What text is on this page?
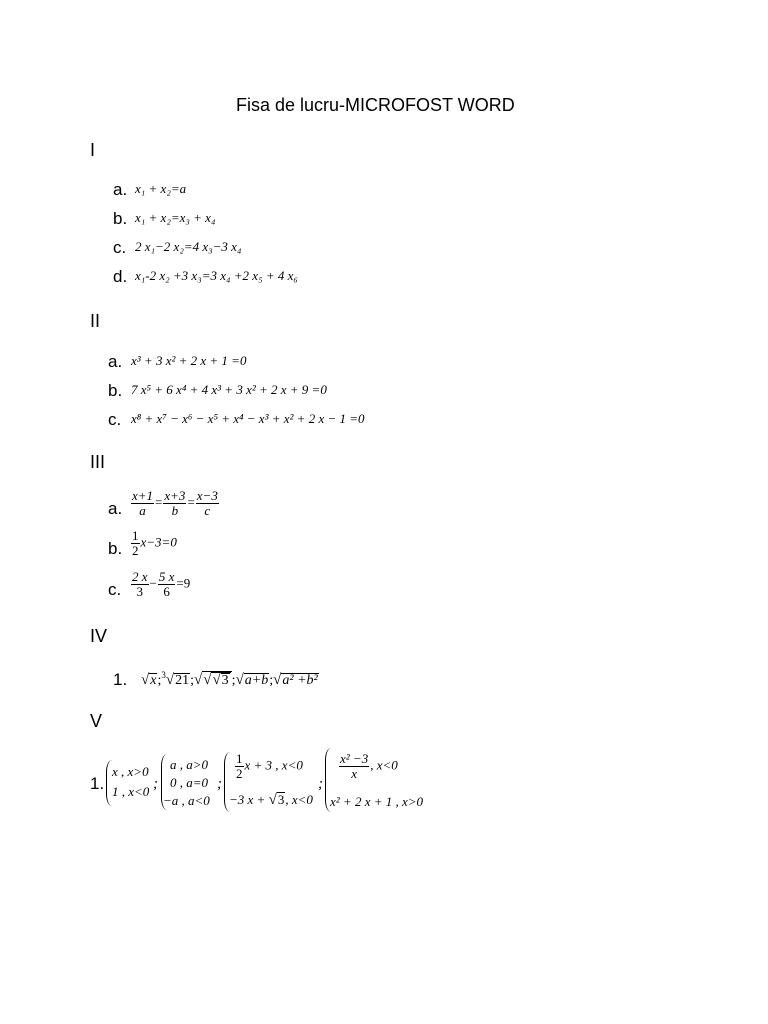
Fisa de lucru-MICROFOST WORD
I
a. x₁ + x₂=a
b. x₁ + x₂=x₃ + x₄
c. 2 x₁−2 x₂=4 x₃−3 x₄
d. x₁-2 x₂ +3 x₃=3 x₄ +2 x₅ + 4 x₆
II
a. x³ + 3 x² + 2 x + 1 =0
b. 7 x⁵ + 6 x⁴ + 4 x³ + 3 x² + 2 x + 9 =0
c. x⁸ + x⁷ − x⁶ − x⁵ + x⁴ − x³ + x² + 2 x − 1 =0
III
a. $\frac{x+1}{a} = \frac{x+3}{b} = \frac{x-3}{c}$
b. $\frac{1}{2} x-3=0$
c. $\frac{2 x}{3} - \frac{5 x}{6} =9$
IV
1. √x;$^3$√21;√√√3 ;√a+b;√a² +b²
V
1.
x , x>0
1 , x<0 ;
a , a>0
0 , a=0
−a , a<0
;
$\frac{1}{2}$ x + 3 , x<0
−3 x + √3, x<0
;
$\frac{\text{x² −3}}{x}$ , x<0
x² + 2 x + 1 , x>0
